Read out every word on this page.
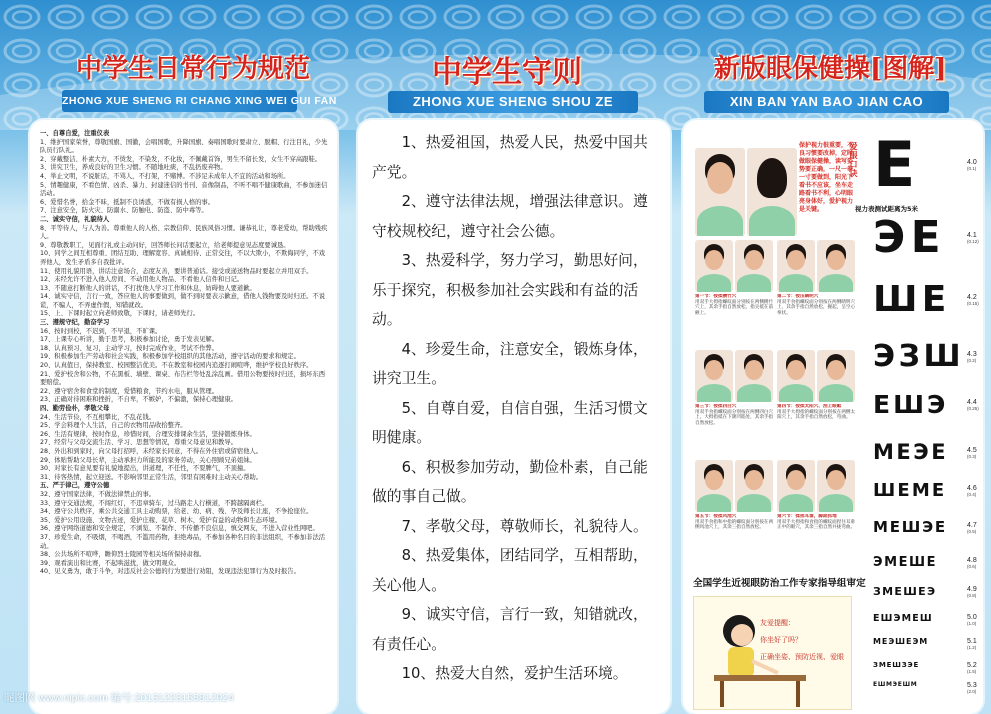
中学生日常行为规范
ZHONG XUE SHENG RI CHANG XING WEI GUI FAN
中学生守则
ZHONG XUE SHENG SHOU ZE
新版眼保健操[图解]
XIN BAN YAN BAO JIAN CAO
一、自尊自爱，注重仪表
1、维护国家荣誉，尊敬国旗、国徽，会唱国歌，升降国旗、奏唱国歌时要肃立、脱帽、行注目礼，少先队员行队礼。
2、穿戴整洁、朴素大方，不烫发，不染发，不化妆，不佩戴首饰，男生不留长发，女生不穿高跟鞋。
3、讲究卫生，养成良好的卫生习惯。不随地吐痰，不乱扔废弃物。
4、举止文明，不说脏话，不骂人，不打架，不赌博。不涉足未成年人不宜的活动和场所。
5、情趣健康，不看色情、凶杀、暴力、封建迷信的书刊、音像制品，不听不唱不健康歌曲，不参加迷信活动。
6、爱惜名誉，拾金不昧，抵制不良诱惑，不做有损人格的事。
7、注意安全，防火灾、防溺水、防触电、防盗、防中毒等。
二、诚实守信，礼貌待人
8、平等待人，与人为善。尊重他人的人格、宗教信仰、民族风俗习惯。谦恭礼让，尊老爱幼，帮助残疾人。
9、尊敬教职工，见面行礼或主动问好，回答师长问话要起立，给老师提意见态度要诚恳。
10、同学之间互相尊重、团结互助、理解宽容、真诚相待、正常交往，不以大欺小，不欺侮同学，不戏弄他人，发生矛盾多自我批评。
11、使用礼貌用语，讲话注意场合，态度友善，要讲普通话。接受或递送物品时要起立并用双手。
12、未经允许不进入他人房间、不动用他人物品、不看他人信件和日记。
13、不随意打断他人的讲话，不打扰他人学习工作和休息，妨碍他人要道歉。
14、诚实守信，言行一致，答应他人的事要做到，做不到时要表示歉意，借他人钱物要及时归还。不说谎，不骗人，不弄虚作假，知错就改。
15、上、下课时起立向老师致敬，下课时，请老师先行。
三、遵规守纪，勤奋学习
16、按时到校，不迟到，不早退，不旷课。
17、上课专心听讲，勤于思考，积极参加讨论，勇于发表见解。
18、认真预习、复习，主动学习，按时完成作业，考试不作弊。
19、积极参加生产劳动和社会实践，积极参加学校组织的其他活动，遵守活动的要求和规定。
20、认真值日，保持教室、校园整洁优美。不在教室和校园内追逐打闹喧哗，维护学校良好秩序。
21、爱护校舍和公物，不在黑板、墙壁、课桌、布告栏等处乱涂乱画。借用公物要按时归还，损坏东西要赔偿。
22、遵守宿舍和食堂的制度，爱惜粮食，节约水电，服从管理。
23、正确对待困难和挫折，不自卑，不嫉妒，不偏激，保持心理健康。
四、勤劳俭朴，孝敬父母
24、生活节俭，不互相攀比，不乱花钱。
25、学会料理个人生活，自己的衣物用品收拾整齐。
26、生活有规律，按时作息，珍惜时间，合理安排课余生活，坚持锻炼身体。
27、经常与父母交流生活、学习、思想等情况，尊重父母意见和教导。
28、外出和到家时，向父母打招呼，未经家长同意，不得在外住宿或留宿他人。
29、体贴帮助父母长辈，主动承担力所能及的家务劳动，关心照顾兄弟姐妹。
30、对家长有意见要有礼貌地提出，讲道理，不任性，不耍脾气，不顶撞。
31、待客热情，起立迎送。不影响邻里正常生活，邻里有困难时主动关心帮助。
五、严于律己，遵守公德
32、遵守国家法律，不做法律禁止的事。
33、遵守交通法规，不闯红灯，不违章骑车，过马路走人行横道，不跨越隔离栏。
34、遵守公共秩序，乘公共交通工具主动购票，给老、幼、病、残、孕及师长让座，不争抢座位。
35、爱护公用设施、文物古迹，爱护庄稼、花草、树木，爱护有益的动物和生态环境。
36、遵守网络道德和安全规定，不浏览、不制作、不传播不良信息，慎交网友，不进入营业性网吧。
37、珍爱生命，不吸烟，不喝酒，不滥用药物，拒绝毒品，不参加各种名目的非法组织，不参加非法活动。
38、公共场所不喧哗，瞻仰烈士陵园等相关场所保持肃穆。
39、观看演出和比赛，不起哄滋扰，做文明观众。
40、见义勇为，敢于斗争，对违反社会公德的行为要进行劝阻，发现违法犯罪行为及时报告。
1、热爱祖国，热爱人民，热爱中国共产党。
2、遵守法律法规，增强法律意识。遵守校规校纪，遵守社会公德。
3、热爱科学，努力学习，勤思好问，乐于探究，积极参加社会实践和有益的活动。
4、珍爱生命，注意安全，锻炼身体，讲究卫生。
5、自尊自爱，自信自强，生活习惯文明健康。
6、积极参加劳动，勤俭朴素，自己能做的事自己做。
7、孝敬父母，尊敬师长，礼貌待人。
8、热爱集体，团结同学，互相帮助，关心他人。
9、诚实守信，言行一致，知错就改，有责任心。
10、热爱大自然，爱护生活环境。
保护视力很重要，不良习惯要改掉，定时做眼保健操，读写姿势要正确，一尺一拳一寸要做到，阳光下看书不应该，坐车走路看书不利，心明眼亮身体好，爱护视力是关键。
爱眼口诀
视力表测试距离为5米
第一节：按揉攒竹穴
用双手大拇指螺纹面分别按在两侧攒竹穴上，其余手指自然放松，指尖抵在前额上。
第二节：按压睛明穴
用双手食指螺纹面分别按在两侧睛明穴上，其余手指自然放松，握起，呈空心拳状。
第三节：按揉四白穴
用双手食指螺纹面分别按在两侧四白穴上，大拇指抵在下颌凹陷处，其余手指自然放松。
第四节：按揉太阳穴、刮上眼眶
用双手大拇指的螺纹面分别按在两侧太阳穴上，其余手指自然放松，弯曲。
第五节：按揉风池穴
用双手食指和中指的螺纹面分别按在两侧风池穴上，其余三指自然放松。
第六节：揉捏耳垂，脚趾抓地
用双手大拇指和食指的螺纹面捏住耳垂正中的眼穴，其余三指自然并拢弯曲。
全国学生近视眼防治工作专家指导组审定
友爱提醒：
你坐好了吗？
正确坐姿、预防近视、爱眼
E	4.0
(0.1)
ЭE	4.1
(0.12)
ШE 4.2
(0.15)
ЭЗШ 4.3
(0.2)
EШЭ	4.4
(0.25)
MEЭE	4.5
(0.3)
ШEME	4.6
(0.4)
MEШЭE	4.7
(0.5)
ЭMEШE	4.8
(0.6)
ЗMEШEЭ	4.9
(0.8)
EШЭMEШ	5.0
(1.0)
MEЭШEЭM	5.1
(1.2)
ЗMEШЗЭE	5.2
(1.5)
EШMЭEШM	5.3
(2.0)
昵图网 www.nipic.com 编号:20131223155812924
